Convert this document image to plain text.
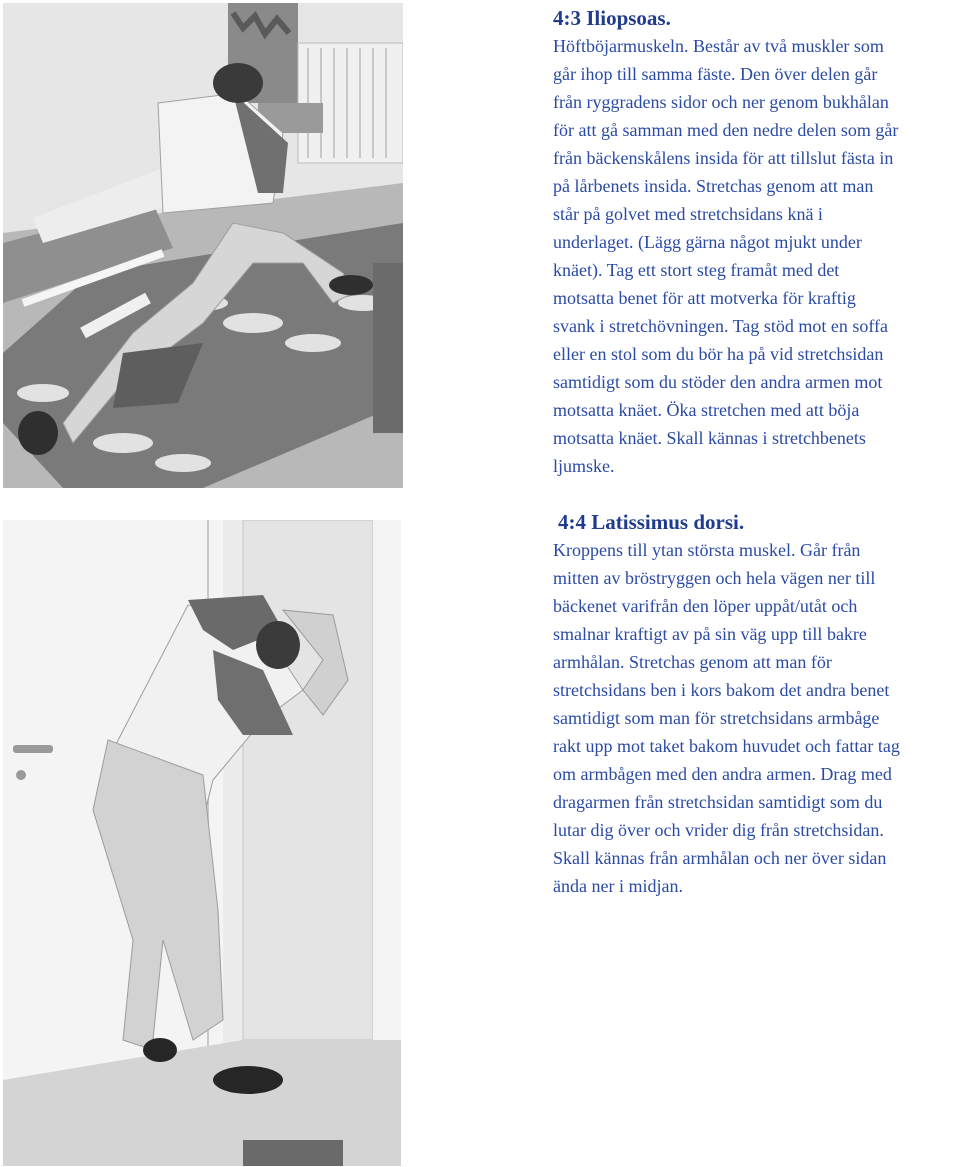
4:3 Iliopsoas.

Höftböjarmuskeln. Består av två muskler som
går ihop till samma fäste. Den över delen går
från ryggradens sidor och ner genom bukhålan
för att gå samman med den nedre delen som går
från bäckenskålens insida för att tillslut fästa in
på lårbenets insida. Stretchas genom att man
står på golvet med stretchsidans knä i
underlaget. (Lägg gärna något mjukt under
knäet). Tag ett stort steg framåt med det
motsatta benet för att motverka för kraftig
svank i stretchövningen. Tag stöd mot en soffa
eller en stol som du bör ha på vid stretchsidan
samtidigt som du stöder den andra armen mot
motsatta knäet. Öka stretchen med att böja
motsatta knäet. Skall kännas i stretchbenets
ljumske.

4:4 Latissimus dorsi.

Kroppens till ytan största muskel. Går från
mitten av bröstryggen och hela vägen ner till
bäckenet varifrån den löper uppåt/utåt och
smalnar kraftigt av på sin väg upp till bakre
armhålan. Stretchas genom att man för
stretchsidans ben i kors bakom det andra benet
samtidigt som man för stretchsidans armbåge
rakt upp mot taket bakom huvudet och fattar tag
om armbågen med den andra armen. Drag med
dragarmen från stretchsidan samtidigt som du
lutar dig över och vrider dig från stretchsidan.
Skall kännas från armhålan och ner över sidan
ända ner i midjan.
